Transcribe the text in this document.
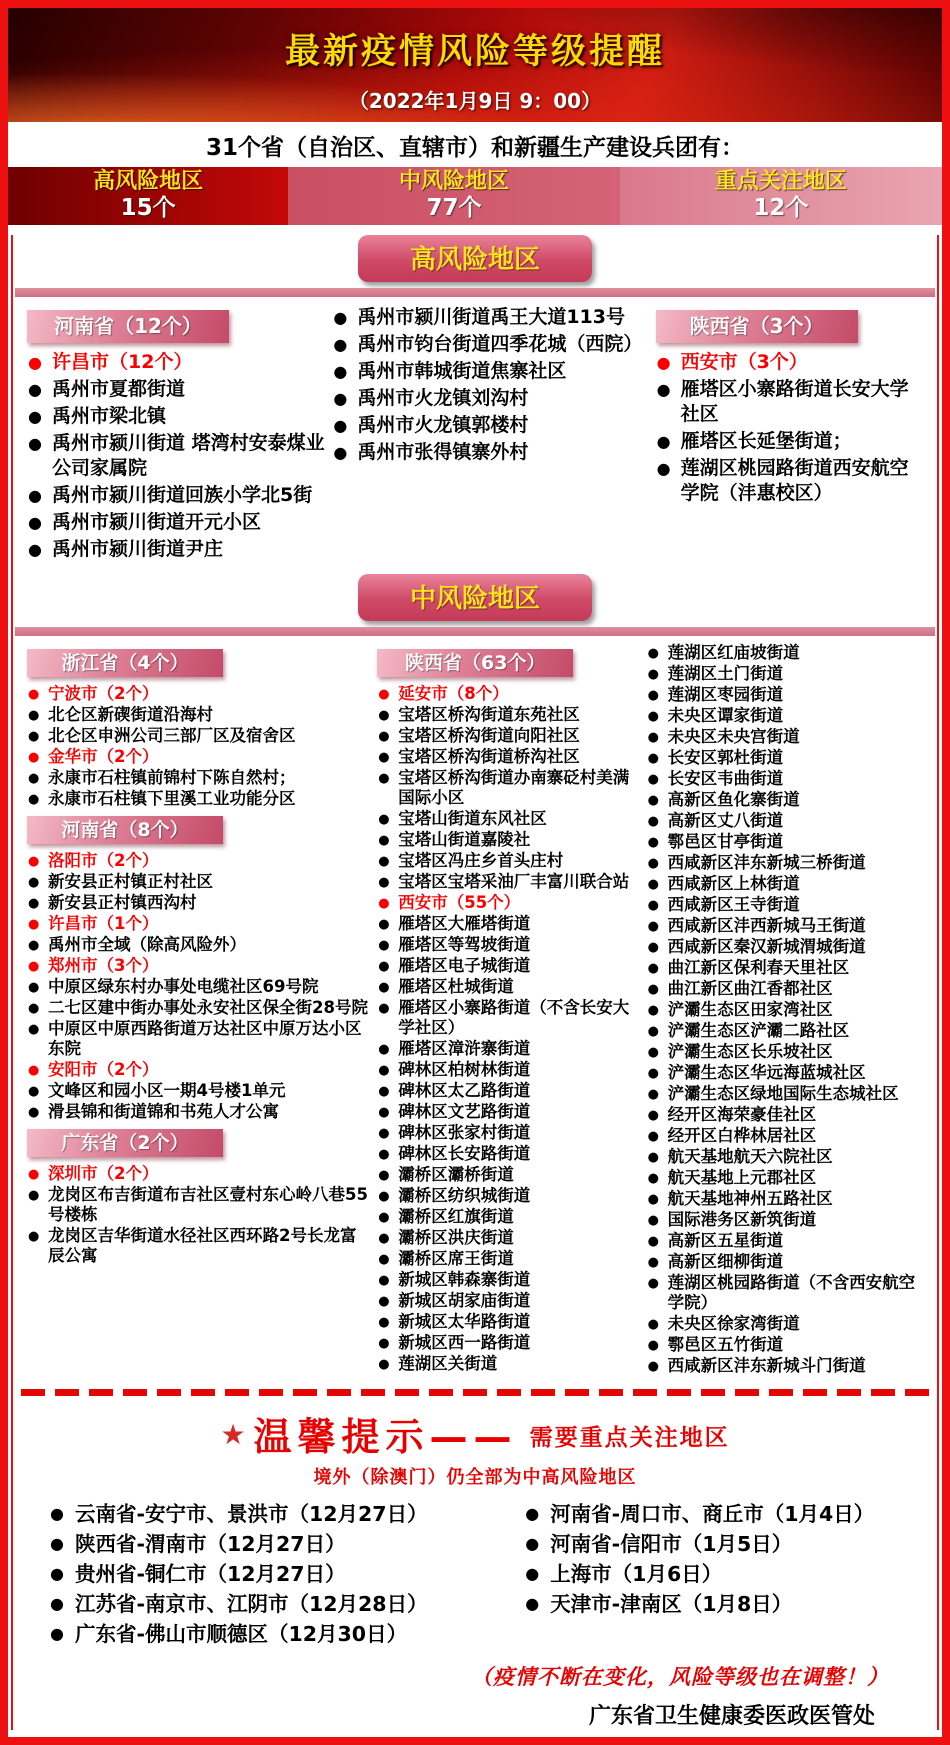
最新疫情风险等级提醒
（2022年1月9日 9：00）
31个省（自治区、直辖市）和新疆生产建设兵团有：
高风险地区
15个
中风险地区
77个
重点关注地区
12个
高风险地区
河南省（12个）
● 许昌市（12个）
● 禹州市夏都街道
● 禹州市梁北镇
● 禹州市颍川街道 塔湾村安泰煤业公司家属院
● 禹州市颍川街道回族小学北5街
● 禹州市颍川街道开元小区
● 禹州市颍川街道尹庄
● 禹州市颍川街道禹王大道113号
● 禹州市钧台街道四季花城（西院）
● 禹州市韩城街道焦寨社区
● 禹州市火龙镇刘沟村
● 禹州市火龙镇郭楼村
● 禹州市张得镇寨外村
陕西省（3个）
● 西安市（3个）
● 雁塔区小寨路街道长安大学社区
● 雁塔区长延堡街道；
● 莲湖区桃园路街道西安航空学院（沣惠校区）
中风险地区
浙江省（4个）
● 宁波市（2个）
● 北仑区新碶街道沿海村
● 北仑区申洲公司三部厂区及宿舍区
● 金华市（2个）
● 永康市石柱镇前锦村下陈自然村；
● 永康市石柱镇下里溪工业功能分区
河南省（8个）
● 洛阳市（2个）
● 新安县正村镇正村社区
● 新安县正村镇西沟村
● 许昌市（1个）
● 禹州市全域（除高风险外）
● 郑州市（3个）
● 中原区绿东村办事处电缆社区69号院
● 二七区建中街办事处永安社区保全街28号院
● 中原区中原西路街道万达社区中原万达小区东院
● 安阳市（2个）
● 文峰区和园小区一期4号楼1单元
● 滑县锦和街道锦和书苑人才公寓
广东省（2个）
● 深圳市（2个）
● 龙岗区布吉街道布吉社区壹村东心岭八巷55号楼栋
● 龙岗区吉华街道水径社区西环路2号长龙富辰公寓
陕西省（63个）
● 延安市（8个）
● 宝塔区桥沟街道东苑社区
● 宝塔区桥沟街道向阳社区
● 宝塔区桥沟街道桥沟社区
● 宝塔区桥沟街道办南寨砭村美满国际小区
● 宝塔山街道东风社区
● 宝塔山街道嘉陵社
● 宝塔区冯庄乡首头庄村
● 宝塔区宝塔采油厂丰富川联合站
● 西安市（55个）
● 雁塔区大雁塔街道
● 雁塔区等驾坡街道
● 雁塔区电子城街道
● 雁塔区杜城街道
● 雁塔区小寨路街道（不含长安大学社区）
● 雁塔区漳浒寨街道
● 碑林区柏树林街道
● 碑林区太乙路街道
● 碑林区文艺路街道
● 碑林区张家村街道
● 碑林区长安路街道
● 灞桥区灞桥街道
● 灞桥区纺织城街道
● 灞桥区红旗街道
● 灞桥区洪庆街道
● 灞桥区席王街道
● 新城区韩森寨街道
● 新城区胡家庙街道
● 新城区太华路街道
● 新城区西一路街道
● 莲湖区关街道
● 莲湖区红庙坡街道
● 莲湖区土门街道
● 莲湖区枣园街道
● 未央区谭家街道
● 未央区未央宫街道
● 长安区郭杜街道
● 长安区韦曲街道
● 高新区鱼化寨街道
● 高新区丈八街道
● 鄠邑区甘亭街道
● 西咸新区沣东新城三桥街道
● 西咸新区上林街道
● 西咸新区王寺街道
● 西咸新区沣西新城马王街道
● 西咸新区秦汉新城渭城街道
● 曲江新区保利春天里社区
● 曲江新区曲江香都社区
● 浐灞生态区田家湾社区
● 浐灞生态区浐灞二路社区
● 浐灞生态区长乐坡社区
● 浐灞生态区华远海蓝城社区
● 浐灞生态区绿地国际生态城社区
● 经开区海荣豪佳社区
● 经开区白桦林居社区
● 航天基地航天六院社区
● 航天基地上元郡社区
● 航天基地神州五路社区
● 国际港务区新筑街道
● 高新区五星街道
● 高新区细柳街道
● 莲湖区桃园路街道（不含西安航空学院）
● 未央区徐家湾街道
● 鄠邑区五竹街道
● 西咸新区沣东新城斗门街道
★ 温馨提示—— 需要重点关注地区
境外（除澳门）仍全部为中高风险地区
● 云南省-安宁市、景洪市（12月27日）
● 陕西省-渭南市（12月27日）
● 贵州省-铜仁市（12月27日）
● 江苏省-南京市、江阴市（12月28日）
● 广东省-佛山市顺德区（12月30日）
● 河南省-周口市、商丘市（1月4日）
● 河南省-信阳市（1月5日）
● 上海市（1月6日）
● 天津市-津南区（1月8日）
（疫情不断在变化，风险等级也在调整！）
广东省卫生健康委医政医管处
